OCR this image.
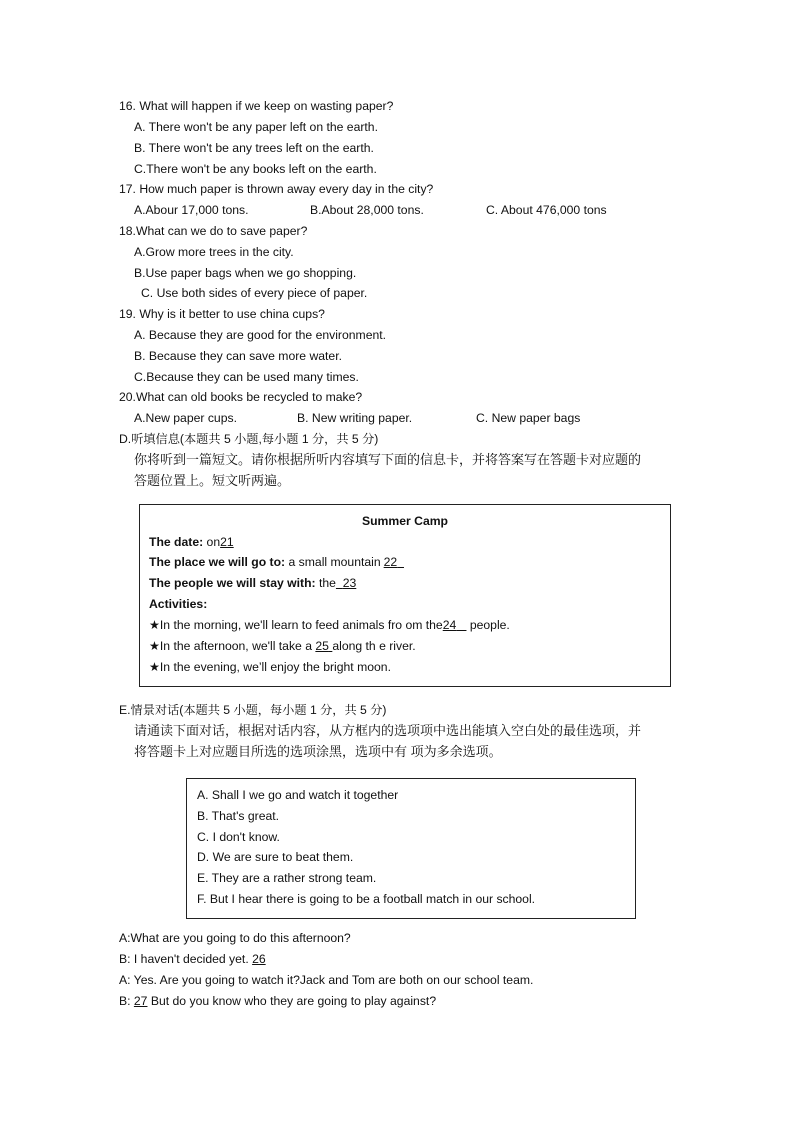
16. What will happen if we keep on wasting paper?
A. There won't be any paper left on the earth.
B. There won't be any trees left on the earth.
C.There won't be any books left on the earth.
17. How much paper is thrown away every day in the city?
A.Abour 17,000 tons.	B.About 28,000 tons.	C. About 476,000 tons
18.What can we do to save paper?
A.Grow more trees in the city.
B.Use paper bags when we go shopping.
C. Use both sides of every piece of paper.
19. Why is it better to use china cups?
A. Because they are good for the environment.
B. Because they can save more water.
C.Because they can be used many times.
20.What can old books be recycled to make?
A.New paper cups.	B. New writing paper.	C. New paper bags
D.听填信息(本题共 5 小题,每小题 1 分，共 5 分)
你将听到一篇短文。请你根据所听内容填写下面的信息卡，并将答案写在答题卡对应题的
答题位置上。短文听两遍。
Summer Camp
The date: on21
The place we will go to: a small mountain 22
The people we will stay with: the 23
Activities:
★In the morning, we'll learn to feed animals fro om the24    people.
★In the afternoon, we'll take a 25 along th e river.
★In the evening, we’ll enjoy the bright moon.
E.情景对话(本题共 5 小题，每小题 1 分，共 5 分)
请通读下面对话，根据对话内容，从方框内的选项项中选出能填入空白处的最佳选项，并
将答题卡上对应题目所选的选项涂黑，选项中有 项为多余选项。
A. Shall I we go and watch it together
B. That's great.
C. I don't know.
D. We are sure to beat them.
E. They are a rather strong team.
F. But I hear there is going to be a football match in our school.
A:What are you going to do this afternoon?
B: I haven't decided yet. 26
A: Yes. Are you going to watch it?Jack and Tom are both on our school team.
B: 27 But do you know who they are going to play against?
